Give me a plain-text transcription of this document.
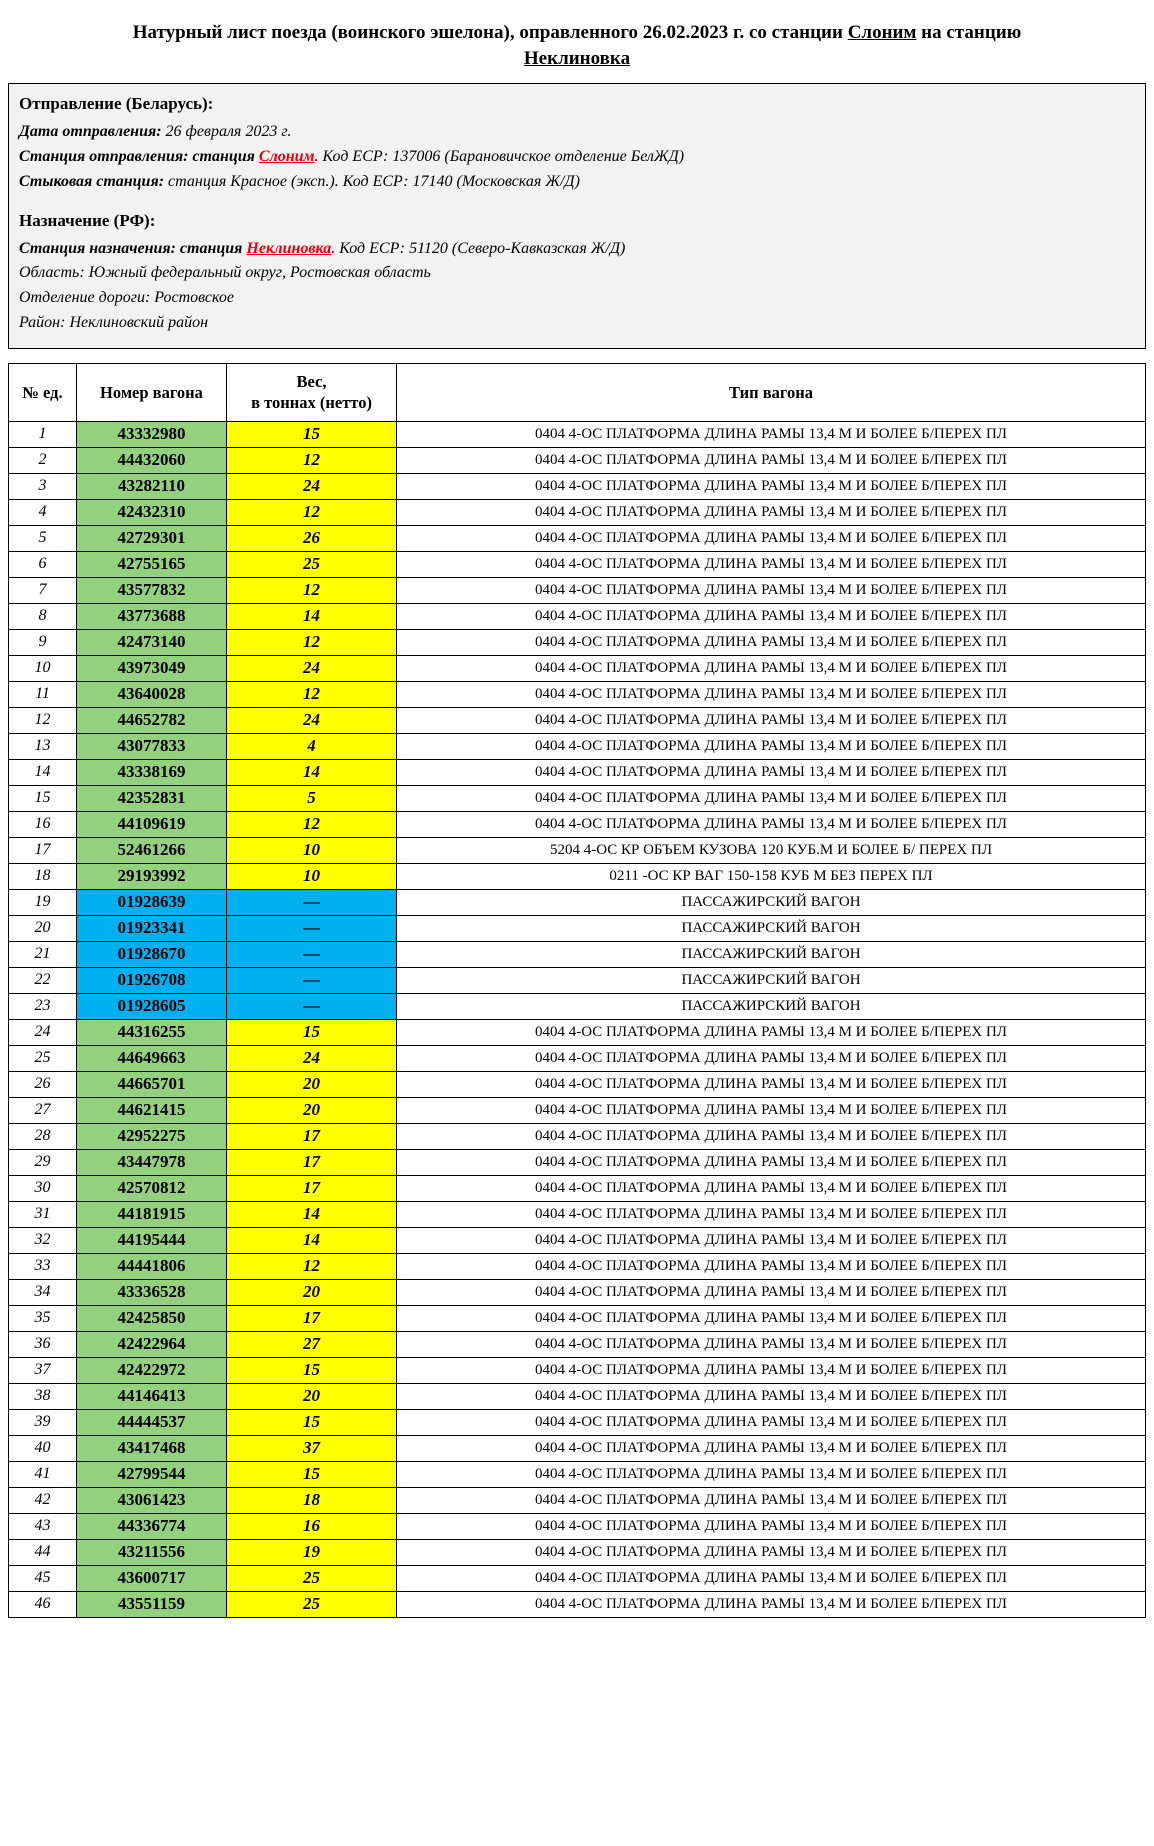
Натурный лист поезда (воинского эшелона), оправленного 26.02.2023 г. со станции Слоним на станцию
Неклиновка
Отправление (Беларусь):
Дата отправления: 26 февраля 2023 г.
Станция отправления: станция Слоним. Код ЕСР: 137006 (Барановичское отделение БелЖД)
Стыковая станция: станция Красное (эксп.). Код ЕСР: 17140 (Московская Ж/Д)
Назначение (РФ):
Станция назначения: станция Неклиновка. Код ЕСР: 51120 (Северо-Кавказская Ж/Д)
Область: Южный федеральный округ, Ростовская область
Отделение дороги: Ростовское
Район: Неклиновский район
№ ед.	Номер вагона	Вес,
в тоннах (нетто)	Тип вагона
1	43332980	15	0404 4-ОС ПЛАТФОРМА ДЛИНА РАМЫ 13,4 М И БОЛЕЕ Б/ПЕРЕХ ПЛ
2	44432060	12	0404 4-ОС ПЛАТФОРМА ДЛИНА РАМЫ 13,4 М И БОЛЕЕ Б/ПЕРЕХ ПЛ
3	43282110	24	0404 4-ОС ПЛАТФОРМА ДЛИНА РАМЫ 13,4 М И БОЛЕЕ Б/ПЕРЕХ ПЛ
4	42432310	12	0404 4-ОС ПЛАТФОРМА ДЛИНА РАМЫ 13,4 М И БОЛЕЕ Б/ПЕРЕХ ПЛ
5	42729301	26	0404 4-ОС ПЛАТФОРМА ДЛИНА РАМЫ 13,4 М И БОЛЕЕ Б/ПЕРЕХ ПЛ
6	42755165	25	0404 4-ОС ПЛАТФОРМА ДЛИНА РАМЫ 13,4 М И БОЛЕЕ Б/ПЕРЕХ ПЛ
7	43577832	12	0404 4-ОС ПЛАТФОРМА ДЛИНА РАМЫ 13,4 М И БОЛЕЕ Б/ПЕРЕХ ПЛ
8	43773688	14	0404 4-ОС ПЛАТФОРМА ДЛИНА РАМЫ 13,4 М И БОЛЕЕ Б/ПЕРЕХ ПЛ
9	42473140	12	0404 4-ОС ПЛАТФОРМА ДЛИНА РАМЫ 13,4 М И БОЛЕЕ Б/ПЕРЕХ ПЛ
10	43973049	24	0404 4-ОС ПЛАТФОРМА ДЛИНА РАМЫ 13,4 М И БОЛЕЕ Б/ПЕРЕХ ПЛ
11	43640028	12	0404 4-ОС ПЛАТФОРМА ДЛИНА РАМЫ 13,4 М И БОЛЕЕ Б/ПЕРЕХ ПЛ
12	44652782	24	0404 4-ОС ПЛАТФОРМА ДЛИНА РАМЫ 13,4 М И БОЛЕЕ Б/ПЕРЕХ ПЛ
13	43077833	4	0404 4-ОС ПЛАТФОРМА ДЛИНА РАМЫ 13,4 М И БОЛЕЕ Б/ПЕРЕХ ПЛ
14	43338169	14	0404 4-ОС ПЛАТФОРМА ДЛИНА РАМЫ 13,4 М И БОЛЕЕ Б/ПЕРЕХ ПЛ
15	42352831	5	0404 4-ОС ПЛАТФОРМА ДЛИНА РАМЫ 13,4 М И БОЛЕЕ Б/ПЕРЕХ ПЛ
16	44109619	12	0404 4-ОС ПЛАТФОРМА ДЛИНА РАМЫ 13,4 М И БОЛЕЕ Б/ПЕРЕХ ПЛ
17	52461266	10	5204 4-ОС КР ОБЪЕМ КУЗОВА 120 КУБ.М И БОЛЕЕ Б/ ПЕРЕХ ПЛ
18	29193992	10	0211 -ОС КР ВАГ 150-158 КУБ М БЕЗ ПЕРЕХ ПЛ
19	01928639	—	ПАССАЖИРСКИЙ ВАГОН
20	01923341	—	ПАССАЖИРСКИЙ ВАГОН
21	01928670	—	ПАССАЖИРСКИЙ ВАГОН
22	01926708	—	ПАССАЖИРСКИЙ ВАГОН
23	01928605	—	ПАССАЖИРСКИЙ ВАГОН
24	44316255	15	0404 4-ОС ПЛАТФОРМА ДЛИНА РАМЫ 13,4 М И БОЛЕЕ Б/ПЕРЕХ ПЛ
25	44649663	24	0404 4-ОС ПЛАТФОРМА ДЛИНА РАМЫ 13,4 М И БОЛЕЕ Б/ПЕРЕХ ПЛ
26	44665701	20	0404 4-ОС ПЛАТФОРМА ДЛИНА РАМЫ 13,4 М И БОЛЕЕ Б/ПЕРЕХ ПЛ
27	44621415	20	0404 4-ОС ПЛАТФОРМА ДЛИНА РАМЫ 13,4 М И БОЛЕЕ Б/ПЕРЕХ ПЛ
28	42952275	17	0404 4-ОС ПЛАТФОРМА ДЛИНА РАМЫ 13,4 М И БОЛЕЕ Б/ПЕРЕХ ПЛ
29	43447978	17	0404 4-ОС ПЛАТФОРМА ДЛИНА РАМЫ 13,4 М И БОЛЕЕ Б/ПЕРЕХ ПЛ
30	42570812	17	0404 4-ОС ПЛАТФОРМА ДЛИНА РАМЫ 13,4 М И БОЛЕЕ Б/ПЕРЕХ ПЛ
31	44181915	14	0404 4-ОС ПЛАТФОРМА ДЛИНА РАМЫ 13,4 М И БОЛЕЕ Б/ПЕРЕХ ПЛ
32	44195444	14	0404 4-ОС ПЛАТФОРМА ДЛИНА РАМЫ 13,4 М И БОЛЕЕ Б/ПЕРЕХ ПЛ
33	44441806	12	0404 4-ОС ПЛАТФОРМА ДЛИНА РАМЫ 13,4 М И БОЛЕЕ Б/ПЕРЕХ ПЛ
34	43336528	20	0404 4-ОС ПЛАТФОРМА ДЛИНА РАМЫ 13,4 М И БОЛЕЕ Б/ПЕРЕХ ПЛ
35	42425850	17	0404 4-ОС ПЛАТФОРМА ДЛИНА РАМЫ 13,4 М И БОЛЕЕ Б/ПЕРЕХ ПЛ
36	42422964	27	0404 4-ОС ПЛАТФОРМА ДЛИНА РАМЫ 13,4 М И БОЛЕЕ Б/ПЕРЕХ ПЛ
37	42422972	15	0404 4-ОС ПЛАТФОРМА ДЛИНА РАМЫ 13,4 М И БОЛЕЕ Б/ПЕРЕХ ПЛ
38	44146413	20	0404 4-ОС ПЛАТФОРМА ДЛИНА РАМЫ 13,4 М И БОЛЕЕ Б/ПЕРЕХ ПЛ
39	44444537	15	0404 4-ОС ПЛАТФОРМА ДЛИНА РАМЫ 13,4 М И БОЛЕЕ Б/ПЕРЕХ ПЛ
40	43417468	37	0404 4-ОС ПЛАТФОРМА ДЛИНА РАМЫ 13,4 М И БОЛЕЕ Б/ПЕРЕХ ПЛ
41	42799544	15	0404 4-ОС ПЛАТФОРМА ДЛИНА РАМЫ 13,4 М И БОЛЕЕ Б/ПЕРЕХ ПЛ
42	43061423	18	0404 4-ОС ПЛАТФОРМА ДЛИНА РАМЫ 13,4 М И БОЛЕЕ Б/ПЕРЕХ ПЛ
43	44336774	16	0404 4-ОС ПЛАТФОРМА ДЛИНА РАМЫ 13,4 М И БОЛЕЕ Б/ПЕРЕХ ПЛ
44	43211556	19	0404 4-ОС ПЛАТФОРМА ДЛИНА РАМЫ 13,4 М И БОЛЕЕ Б/ПЕРЕХ ПЛ
45	43600717	25	0404 4-ОС ПЛАТФОРМА ДЛИНА РАМЫ 13,4 М И БОЛЕЕ Б/ПЕРЕХ ПЛ
46	43551159	25	0404 4-ОС ПЛАТФОРМА ДЛИНА РАМЫ 13,4 М И БОЛЕЕ Б/ПЕРЕХ ПЛ
